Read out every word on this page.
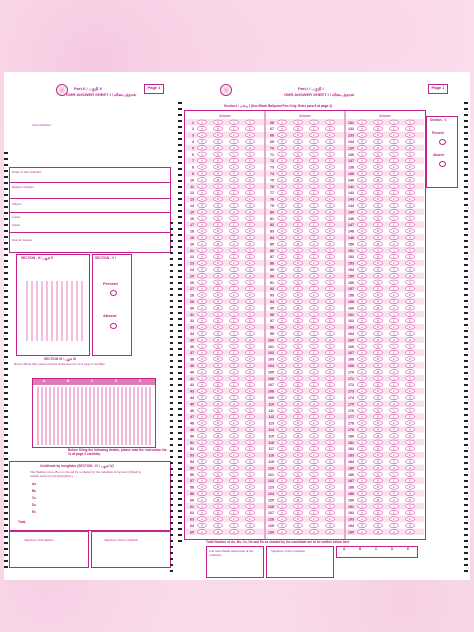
Part-II / பகுதி II
OMR ANSWER SHEET I / விடைத்தாள்
Page 1
Serial Number:
Name of the Candidate
Register Number
Subject
Center
Venue
Date & Session
SECTION - II / பகுதி II	SECTION - V /
Present
Absent
SECTION III / பகுதி III
Before filling this, please read the instruction No.10 at page 2 carefully.
A	B	C	D	E
Before filling the following details, please read the instruction No. 11 at page 2 carefully.
Certificate by Invigilator (SECTION - IV / பகுதி IV)
The Number of As, Bs, Cs, Ds and Es as shaded by the candidate in Section I (filled) is written below by me (Invigilator)
As
Bs
Cs
Ds
Es
Total
Signature of Invigilator	Signature of the Candidate
Part-I / பகுதி I
OMR ANSWER SHEET I / விடைத்தாள்
Page 1
Section I / பிரிவு I (Use Black Ballpoint Pen Only. Refer para 9 at page 2)
Answer
1	A	B	C	D
2	A	B	C	D
3	A	B	C	D
4	A	B	C	D
5	A	B	C	D
6	A	B	C	D
7	A	B	C	D
8	A	B	C	D
9	A	B	C	D
10	A	B	C	D
11	A	B	C	D
12	A	B	C	D
13	A	B	C	D
14	A	B	C	D
15	A	B	C	D
16	A	B	C	D
17	A	B	C	D
18	A	B	C	D
19	A	B	C	D
20	A	B	C	D
21	A	B	C	D
22	A	B	C	D
23	A	B	C	D
24	A	B	C	D
25	A	B	C	D
26	A	B	C	D
27	A	B	C	D
28	A	B	C	D
29	A	B	C	D
30	A	B	C	D
31	A	B	C	D
32	A	B	C	D
33	A	B	C	D
34	A	B	C	D
35	A	B	C	D
36	A	B	C	D
37	A	B	C	D
38	A	B	C	D
39	A	B	C	D
40	A	B	C	D
41	A	B	C	D
42	A	B	C	D
43	A	B	C	D
44	A	B	C	D
45	A	B	C	D
46	A	B	C	D
47	A	B	C	D
48	A	B	C	D
49	A	B	C	D
50	A	B	C	D
51	A	B	C	D
52	A	B	C	D
53	A	B	C	D
54	A	B	C	D
55	A	B	C	D
56	A	B	C	D
57	A	B	C	D
58	A	B	C	D
59	A	B	C	D
60	A	B	C	D
61	A	B	C	D
62	A	B	C	D
63	A	B	C	D
64	A	B	C	D
65	A	B	C	D
Answer
66	A	B	C	D
67	A	B	C	D
68	A	B	C	D
69	A	B	C	D
70	A	B	C	D
71	A	B	C	D
72	A	B	C	D
73	A	B	C	D
74	A	B	C	D
75	A	B	C	D
76	A	B	C	D
77	A	B	C	D
78	A	B	C	D
79	A	B	C	D
80	A	B	C	D
81	A	B	C	D
82	A	B	C	D
83	A	B	C	D
84	A	B	C	D
85	A	B	C	D
86	A	B	C	D
87	A	B	C	D
88	A	B	C	D
89	A	B	C	D
90	A	B	C	D
91	A	B	C	D
92	A	B	C	D
93	A	B	C	D
94	A	B	C	D
95	A	B	C	D
96	A	B	C	D
97	A	B	C	D
98	A	B	C	D
99	A	B	C	D
100	A	B	C	D
101	A	B	C	D
102	A	B	C	D
103	A	B	C	D
104	A	B	C	D
105	A	B	C	D
106	A	B	C	D
107	A	B	C	D
108	A	B	C	D
109	A	B	C	D
110	A	B	C	D
111	A	B	C	D
112	A	B	C	D
113	A	B	C	D
114	A	B	C	D
115	A	B	C	D
116	A	B	C	D
117	A	B	C	D
118	A	B	C	D
119	A	B	C	D
120	A	B	C	D
121	A	B	C	D
122	A	B	C	D
123	A	B	C	D
124	A	B	C	D
125	A	B	C	D
126	A	B	C	D
127	A	B	C	D
128	A	B	C	D
129	A	B	C	D
130	A	B	C	D
Answer
131	A	B	C	D
132	A	B	C	D
133	A	B	C	D
134	A	B	C	D
135	A	B	C	D
136	A	B	C	D
137	A	B	C	D
138	A	B	C	D
139	A	B	C	D
140	A	B	C	D
141	A	B	C	D
142	A	B	C	D
143	A	B	C	D
144	A	B	C	D
145	A	B	C	D
146	A	B	C	D
147	A	B	C	D
148	A	B	C	D
149	A	B	C	D
150	A	B	C	D
151	A	B	C	D
152	A	B	C	D
153	A	B	C	D
154	A	B	C	D
155	A	B	C	D
156	A	B	C	D
157	A	B	C	D
158	A	B	C	D
159	A	B	C	D
160	A	B	C	D
161	A	B	C	D
162	A	B	C	D
163	A	B	C	D
164	A	B	C	D
165	A	B	C	D
166	A	B	C	D
167	A	B	C	D
168	A	B	C	D
169	A	B	C	D
170	A	B	C	D
171	A	B	C	D
172	A	B	C	D
173	A	B	C	D
174	A	B	C	D
175	A	B	C	D
176	A	B	C	D
177	A	B	C	D
178	A	B	C	D
179	A	B	C	D
180	A	B	C	D
181	A	B	C	D
182	A	B	C	D
183	A	B	C	D
184	A	B	C	D
185	A	B	C	D
186	A	B	C	D
187	A	B	C	D
188	A	B	C	D
189	A	B	C	D
190	A	B	C	D
191	A	B	C	D
192	A	B	C	D
193	A	B	C	D
194	A	B	C	D
195	A	B	C	D
Section - V
Present
Absent
Total Number of As, Bs, Cs, Ds and Es as shaded by the candidate are to be written below here
A	B	C	D	E
Left hand thumb impression of the candidate
Signature of the Candidate
